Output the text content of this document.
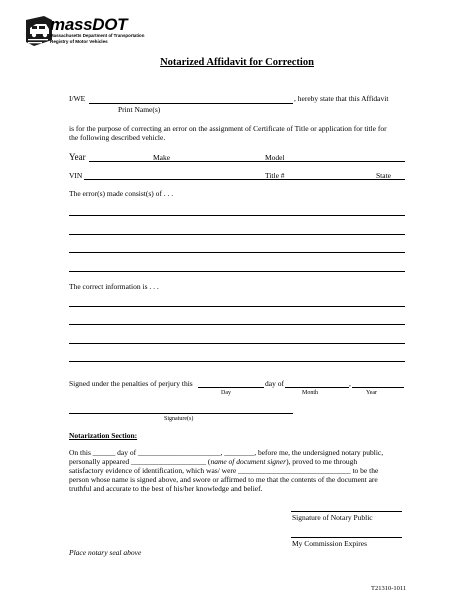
massDOT
Massachusetts Department of Transportation
Registry of Motor Vehicles
Notarized Affidavit for Correction
I/WE	, hereby state that this Affidavit
Print Name(s)
is for the purpose of correcting an error on the assignment of Certificate of Title or application for title for
the following described vehicle.
Year	Make	Model
VIN	Title #	State
The error(s) made consist(s) of . . .
The correct information is . . .
Signed under the penalties of perjury this	day of	,
Day	Month	Year
Signature(s)
Notarization Section:
On this ______ day of ______________________, ________, before me, the undersigned notary public,
personally appeared ____________________ (name of document signer), proved to me through
satisfactory evidence of identification, which was/ were ______________________________ to be the
person whose name is signed above, and swore or affirmed to me that the contents of the document are
truthful and accurate to the best of his/her knowledge and belief.
Signature of Notary Public
My Commission Expires
Place notary seal above
T21310-1011
